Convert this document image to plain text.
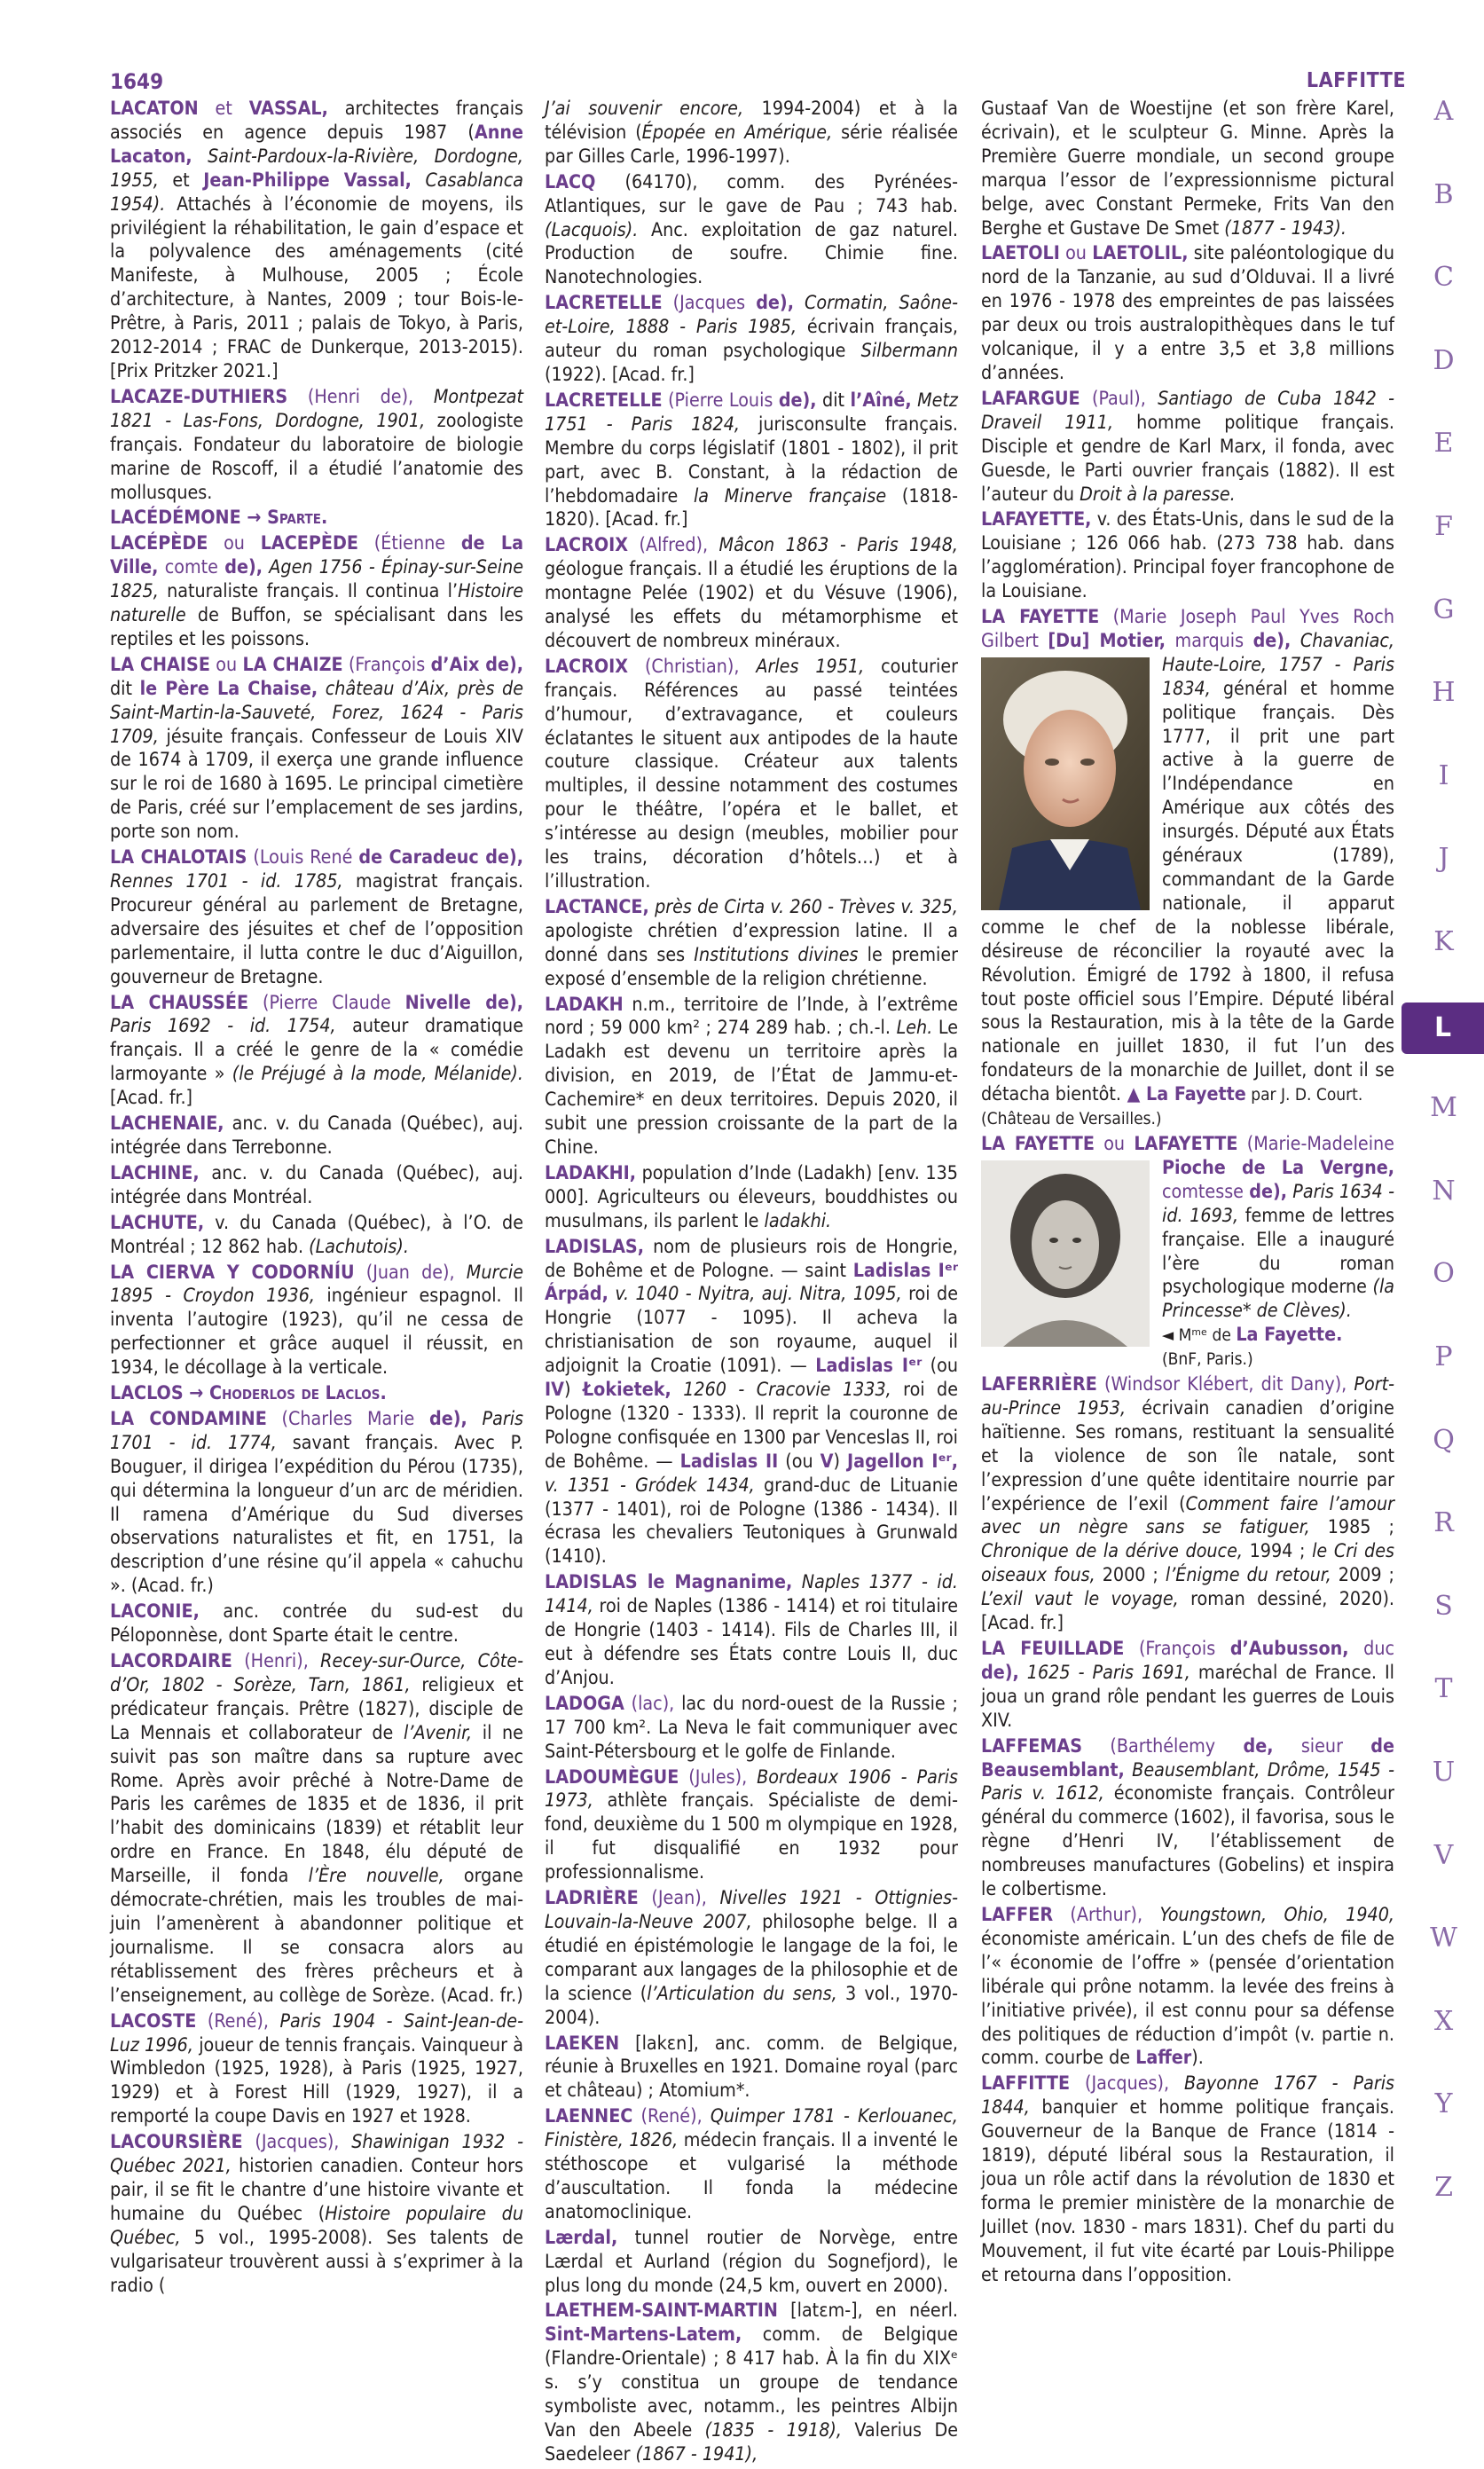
1649	LAFFITTE

LACATON et VASSAL, architectes français associés en agence depuis 1987 (Anne Lacaton, Saint-Pardoux-la-Rivière, Dordogne, 1955, et Jean-Philippe Vassal, Casablanca 1954). Attachés à l’économie de moyens, ils privilégient la réhabilitation, le gain d’espace et la polyvalence des aménagements (cité Manifeste, à Mulhouse, 2005 ; École d’architecture, à Nantes, 2009 ; tour Bois-le-Prêtre, à Paris, 2011 ; palais de Tokyo, à Paris, 2012-2014 ; FRAC de Dunkerque, 2013-2015). [Prix Pritzker 2021.]

LACAZE-DUTHIERS (Henri de), Montpezat 1821 - Las-Fons, Dordogne, 1901, zoologiste français. Fondateur du laboratoire de biologie marine de Roscoff, il a étudié l’anatomie des mollusques.

LACÉDÉMONE → Sparte.

LACÉPÈDE ou LACEPÈDE (Étienne de La Ville, comte de), Agen 1756 - Épinay-sur-Seine 1825, naturaliste français. Il continua l’Histoire naturelle de Buffon, se spécialisant dans les reptiles et les poissons.

LA CHAISE ou LA CHAIZE (François d’Aix de), dit le Père La Chaise, château d’Aix, près de Saint-Martin-la-Sauveté, Forez, 1624 - Paris 1709, jésuite français. Confesseur de Louis XIV de 1674 à 1709, il exerça une grande influence sur le roi de 1680 à 1695. Le principal cimetière de Paris, créé sur l’emplacement de ses jardins, porte son nom.

LA CHALOTAIS (Louis René de Caradeuc de), Rennes 1701 - id. 1785, magistrat français. Procureur général au parlement de Bretagne, adversaire des jésuites et chef de l’opposition parlementaire, il lutta contre le duc d’Aiguillon, gouverneur de Bretagne.

LA CHAUSSÉE (Pierre Claude Nivelle de), Paris 1692 - id. 1754, auteur dramatique français. Il a créé le genre de la « comédie larmoyante » (le Préjugé à la mode, Mélanide). [Acad. fr.]

LACHENAIE, anc. v. du Canada (Québec), auj. intégrée dans Terrebonne.

LACHINE, anc. v. du Canada (Québec), auj. intégrée dans Montréal.

LACHUTE, v. du Canada (Québec), à l’O. de Montréal ; 12 862 hab. (Lachutois).

LA CIERVA Y CODORNÍU (Juan de), Murcie 1895 - Croydon 1936, ingénieur espagnol. Il inventa l’autogire (1923), qu’il ne cessa de perfectionner et grâce auquel il réussit, en 1934, le décollage à la verticale.

LACLOS → Choderlos de Laclos.

LA CONDAMINE (Charles Marie de), Paris 1701 - id. 1774, savant français. Avec P. Bouguer, il dirigea l’expédition du Pérou (1735), qui détermina la longueur d’un arc de méridien. Il ramena d’Amérique du Sud diverses observations naturalistes et fit, en 1751, la description d’une résine qu’il appela « cahuchu ». (Acad. fr.)

LACONIE, anc. contrée du sud-est du Péloponnèse, dont Sparte était le centre.

LACORDAIRE (Henri), Recey-sur-Ource, Côte-d’Or, 1802 - Sorèze, Tarn, 1861, religieux et prédicateur français. Prêtre (1827), disciple de La Mennais et collaborateur de l’Avenir, il ne suivit pas son maître dans sa rupture avec Rome. Après avoir prêché à Notre-Dame de Paris les carêmes de 1835 et de 1836, il prit l’habit des dominicains (1839) et rétablit leur ordre en France. En 1848, élu député de Marseille, il fonda l’Ère nouvelle, organe démocrate-chrétien, mais les troubles de mai-juin l’amenèrent à abandonner politique et journalisme. Il se consacra alors au rétablissement des frères prêcheurs et à l’enseignement, au collège de Sorèze. (Acad. fr.)

LACOSTE (René), Paris 1904 - Saint-Jean-de-Luz 1996, joueur de tennis français. Vainqueur à Wimbledon (1925, 1928), à Paris (1925, 1927, 1929) et à Forest Hill (1929, 1927), il a remporté la coupe Davis en 1927 et 1928.

LACOURSIÈRE (Jacques), Shawinigan 1932 - Québec 2021, historien canadien. Conteur hors pair, il se fit le chantre d’une histoire vivante et humaine du Québec (Histoire populaire du Québec, 5 vol., 1995-2008). Ses talents de vulgarisateur trouvèrent aussi à s’exprimer à la radio (

J’ai souvenir encore, 1994-2004) et à la télévision (Épopée en Amérique, série réalisée par Gilles Carle, 1996-1997).

LACQ (64170), comm. des Pyrénées-Atlantiques, sur le gave de Pau ; 743 hab. (Lacquois). Anc. exploitation de gaz naturel. Production de soufre. Chimie fine. Nanotechnologies.

LACRETELLE (Jacques de), Cormatin, Saône-et-Loire, 1888 - Paris 1985, écrivain français, auteur du roman psychologique Silbermann (1922). [Acad. fr.]

LACRETELLE (Pierre Louis de), dit l’Aîné, Metz 1751 - Paris 1824, jurisconsulte français. Membre du corps législatif (1801 - 1802), il prit part, avec B. Constant, à la rédaction de l’hebdomadaire la Minerve française (1818-1820). [Acad. fr.]

LACROIX (Alfred), Mâcon 1863 - Paris 1948, géologue français. Il a étudié les éruptions de la montagne Pelée (1902) et du Vésuve (1906), analysé les effets du métamorphisme et découvert de nombreux minéraux.

LACROIX (Christian), Arles 1951, couturier français. Références au passé teintées d’humour, d’extravagance, et couleurs éclatantes le situent aux antipodes de la haute couture classique. Créateur aux talents multiples, il dessine notamment des costumes pour le théâtre, l’opéra et le ballet, et s’intéresse au design (meubles, mobilier pour les trains, décoration d’hôtels…) et à l’illustration.

LACTANCE, près de Cirta v. 260 - Trèves v. 325, apologiste chrétien d’expression latine. Il a donné dans ses Institutions divines le premier exposé d’ensemble de la religion chrétienne.

LADAKH n.m., territoire de l’Inde, à l’extrême nord ; 59 000 km² ; 274 289 hab. ; ch.-l. Leh. Le Ladakh est devenu un territoire après la division, en 2019, de l’État de Jammu-et-Cachemire* en deux territoires. Depuis 2020, il subit une pression croissante de la part de la Chine.

LADAKHI, population d’Inde (Ladakh) [env. 135 000]. Agriculteurs ou éleveurs, bouddhistes ou musulmans, ils parlent le ladakhi.

LADISLAS, nom de plusieurs rois de Hongrie, de Bohême et de Pologne. — saint Ladislas Iᵉʳ Árpád, v. 1040 - Nyitra, auj. Nitra, 1095, roi de Hongrie (1077 - 1095). Il acheva la christianisation de son royaume, auquel il adjoignit la Croatie (1091). — Ladislas Iᵉʳ (ou IV) Łokietek, 1260 - Cracovie 1333, roi de Pologne (1320 - 1333). Il reprit la couronne de Pologne confisquée en 1300 par Venceslas II, roi de Bohême. — Ladislas II (ou V) Jagellon Iᵉʳ, v. 1351 - Gródek 1434, grand-duc de Lituanie (1377 - 1401), roi de Pologne (1386 - 1434). Il écrasa les chevaliers Teutoniques à Grunwald (1410).

LADISLAS le Magnanime, Naples 1377 - id. 1414, roi de Naples (1386 - 1414) et roi titulaire de Hongrie (1403 - 1414). Fils de Charles III, il eut à défendre ses États contre Louis II, duc d’Anjou.

LADOGA (lac), lac du nord-ouest de la Russie ; 17 700 km². La Neva le fait communiquer avec Saint-Pétersbourg et le golfe de Finlande.

LADOUMÈGUE (Jules), Bordeaux 1906 - Paris 1973, athlète français. Spécialiste de demi-fond, deuxième du 1 500 m olympique en 1928, il fut disqualifié en 1932 pour professionnalisme.

LADRIÈRE (Jean), Nivelles 1921 - Ottignies-Louvain-la-Neuve 2007, philosophe belge. Il a étudié en épistémologie le langage de la foi, le comparant aux langages de la philosophie et de la science (l’Articulation du sens, 3 vol., 1970-2004).

LAEKEN [lakɛn], anc. comm. de Belgique, réunie à Bruxelles en 1921. Domaine royal (parc et château) ; Atomium*.

LAENNEC (René), Quimper 1781 - Kerlouanec, Finistère, 1826, médecin français. Il a inventé le stéthoscope et vulgarisé la méthode d’auscultation. Il fonda la médecine anatomoclinique.

Lærdal, tunnel routier de Norvège, entre Lærdal et Aurland (région du Sognefjord), le plus long du monde (24,5 km, ouvert en 2000).

LAETHEM-SAINT-MARTIN [latɛm-], en néerl. Sint-Martens-Latem, comm. de Belgique (Flandre-Orientale) ; 8 417 hab. À la fin du XIXᵉ s. s’y constitua un groupe de tendance symboliste avec, notamm., les peintres Albijn Van den Abeele (1835 - 1918), Valerius De Saedeleer (1867 - 1941),

Gustaaf Van de Woestijne (et son frère Karel, écrivain), et le sculpteur G. Minne. Après la Première Guerre mondiale, un second groupe marqua l’essor de l’expressionnisme pictural belge, avec Constant Permeke, Frits Van den Berghe et Gustave De Smet (1877 - 1943).

LAETOLI ou LAETOLIL, site paléontologique du nord de la Tanzanie, au sud d’Olduvai. Il a livré en 1976 - 1978 des empreintes de pas laissées par deux ou trois australopithèques dans le tuf volcanique, il y a entre 3,5 et 3,8 millions d’années.

LAFARGUE (Paul), Santiago de Cuba 1842 - Draveil 1911, homme politique français. Disciple et gendre de Karl Marx, il fonda, avec Guesde, le Parti ouvrier français (1882). Il est l’auteur du Droit à la paresse.

LAFAYETTE, v. des États-Unis, dans le sud de la Louisiane ; 126 066 hab. (273 738 hab. dans l’agglomération). Principal foyer francophone de la Louisiane.

LA FAYETTE (Marie Joseph Paul Yves Roch Gilbert [Du] Motier, marquis de),
Chavaniac, Haute-Loire, 1757 - Paris 1834, général et homme politique français. Dès 1777, il prit une part active à la guerre de l’Indépendance en Amérique aux côtés des insurgés. Député aux États généraux (1789), commandant de la Garde nationale, il apparut comme le chef de la noblesse libérale, désireuse de réconcilier la royauté avec la Révolution. Émigré de 1792 à 1800, il refusa tout poste officiel sous l’Empire. Député libéral sous la Restauration, mis à la tête de la Garde nationale en juillet 1830, il fut l’un des fondateurs de la monarchie de Juillet, dont il se détacha bientôt. ▲ La Fayette par J. D. Court.
(Château de Versailles.)

LA FAYETTE ou LAFAYETTE (Marie-Madeleine
Pioche de La Vergne, comtesse de), Paris 1634 - id. 1693, femme de lettres française. Elle a inauguré l’ère du roman psychologique moderne (la Princesse* de Clèves).
◄ Mᵐᵉ de La Fayette.
(BnF, Paris.)

LAFERRIÈRE (Windsor Klébert, dit Dany), Port-au-Prince 1953, écrivain canadien d’origine haïtienne. Ses romans, restituant la sensualité et la violence de son île natale, sont l’expression d’une quête identitaire nourrie par l’expérience de l’exil (Comment faire l’amour avec un nègre sans se fatiguer, 1985 ; Chronique de la dérive douce, 1994 ; le Cri des oiseaux fous, 2000 ; l’Énigme du retour, 2009 ; L’exil vaut le voyage, roman dessiné, 2020). [Acad. fr.]

LA FEUILLADE (François d’Aubusson, duc de), 1625 - Paris 1691, maréchal de France. Il joua un grand rôle pendant les guerres de Louis XIV.

LAFFEMAS (Barthélemy de, sieur de Beausemblant, Beausemblant, Drôme, 1545 - Paris v. 1612, économiste français. Contrôleur général du commerce (1602), il favorisa, sous le règne d’Henri IV, l’établissement de nombreuses manufactures (Gobelins) et inspira le colbertisme.

LAFFER (Arthur), Youngstown, Ohio, 1940, économiste américain. L’un des chefs de file de l’« économie de l’offre » (pensée d’orientation libérale qui prône notamm. la levée des freins à l’initiative privée), il est connu pour sa défense des politiques de réduction d’impôt (v. partie n. comm. courbe de Laffer).

LAFFITTE (Jacques), Bayonne 1767 - Paris 1844, banquier et homme politique français. Gouverneur de la Banque de France (1814 - 1819), député libéral sous la Restauration, il joua un rôle actif dans la révolution de 1830 et forma le premier ministère de la monarchie de Juillet (nov. 1830 - mars 1831). Chef du parti du Mouvement, il fut vite écarté par Louis-Philippe et retourna dans l’opposition.

A
B
C
D
E
F
G
H
I
J
K
L
M
N
O
P
Q
R
S
T
U
V
W
X
Y
Z
